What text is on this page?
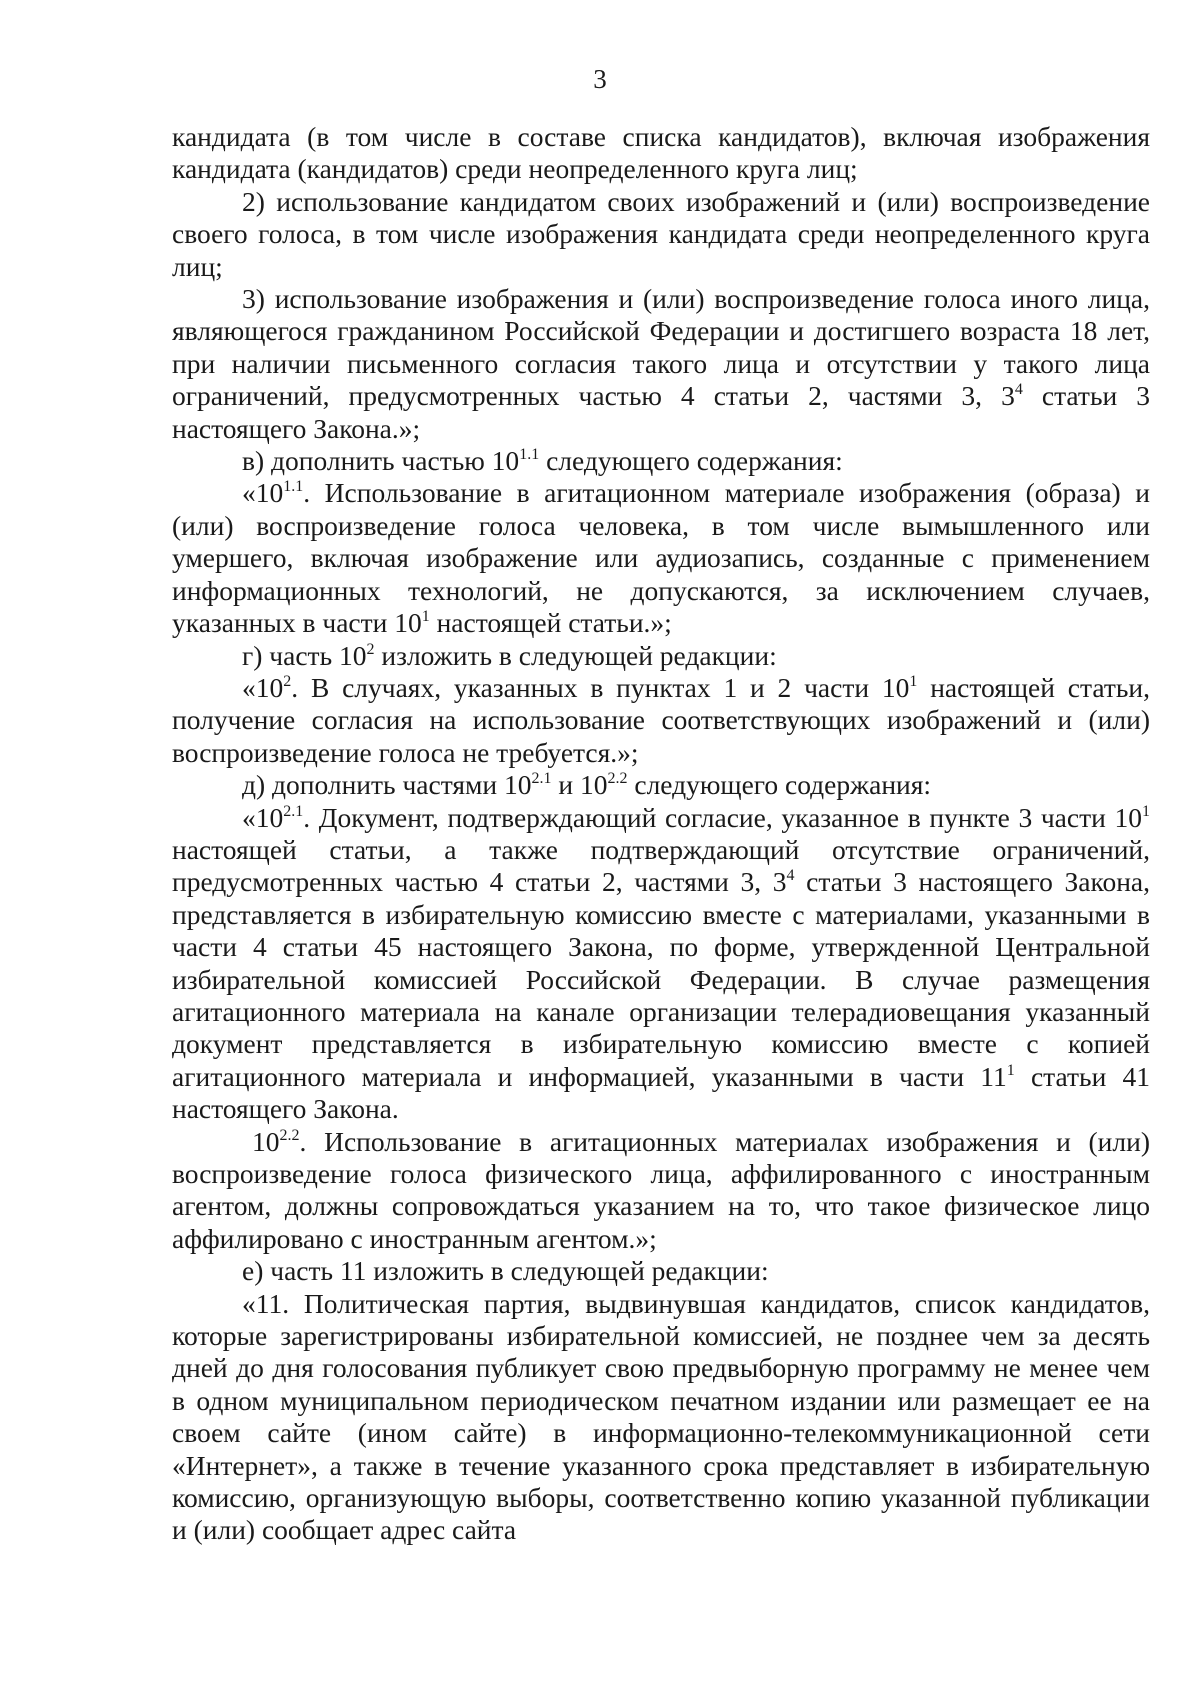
3

кандидата (в том числе в составе списка кандидатов), включая изображения кандидата (кандидатов) среди неопределенного круга лиц;

2) использование кандидатом своих изображений и (или) воспроизведение своего голоса, в том числе изображения кандидата среди неопределенного круга лиц;

3) использование изображения и (или) воспроизведение голоса иного лица, являющегося гражданином Российской Федерации и достигшего возраста 18 лет, при наличии письменного согласия такого лица и отсутствии у такого лица ограничений, предусмотренных частью 4 статьи 2, частями 3, $3^4$ статьи 3 настоящего Закона.»;

в) дополнить частью $10^{1.1}$ следующего содержания:

«$10^{1.1}$. Использование в агитационном материале изображения (образа) и (или) воспроизведение голоса человека, в том числе вымышленного или умершего, включая изображение или аудиозапись, созданные с применением информационных технологий, не допускаются, за исключением случаев, указанных в части $10^1$ настоящей статьи.»;

г) часть $10^2$ изложить в следующей редакции:

«$10^2$. В случаях, указанных в пунктах 1 и 2 части $10^1$ настоящей статьи, получение согласия на использование соответствующих изображений и (или) воспроизведение голоса не требуется.»;

д) дополнить частями $10^{2.1}$ и $10^{2.2}$ следующего содержания:

«$10^{2.1}$. Документ, подтверждающий согласие, указанное в пункте 3 части $10^1$ настоящей статьи, а также подтверждающий отсутствие ограничений, предусмотренных частью 4 статьи 2, частями 3, $3^4$ статьи 3 настоящего Закона, представляется в избирательную комиссию вместе с материалами, указанными в части 4 статьи 45 настоящего Закона, по форме, утвержденной Центральной избирательной комиссией Российской Федерации. В случае размещения агитационного материала на канале организации телерадиовещания указанный документ представляется в избирательную комиссию вместе с копией агитационного материала и информацией, указанными в части $11^1$ статьи 41 настоящего Закона.

$10^{2.2}$. Использование в агитационных материалах изображения и (или) воспроизведение голоса физического лица, аффилированного с иностранным агентом, должны сопровождаться указанием на то, что такое физическое лицо аффилировано с иностранным агентом.»;

е) часть 11 изложить в следующей редакции:

«11. Политическая партия, выдвинувшая кандидатов, список кандидатов, которые зарегистрированы избирательной комиссией, не позднее чем за десять дней до дня голосования публикует свою предвыборную программу не менее чем в одном муниципальном периодическом печатном издании или размещает ее на своем сайте (ином сайте) в информационно-телекоммуникационной сети «Интернет», а также в течение указанного срока представляет в избирательную комиссию, организующую выборы, соответственно копию указанной публикации и (или) сообщает адрес сайта
